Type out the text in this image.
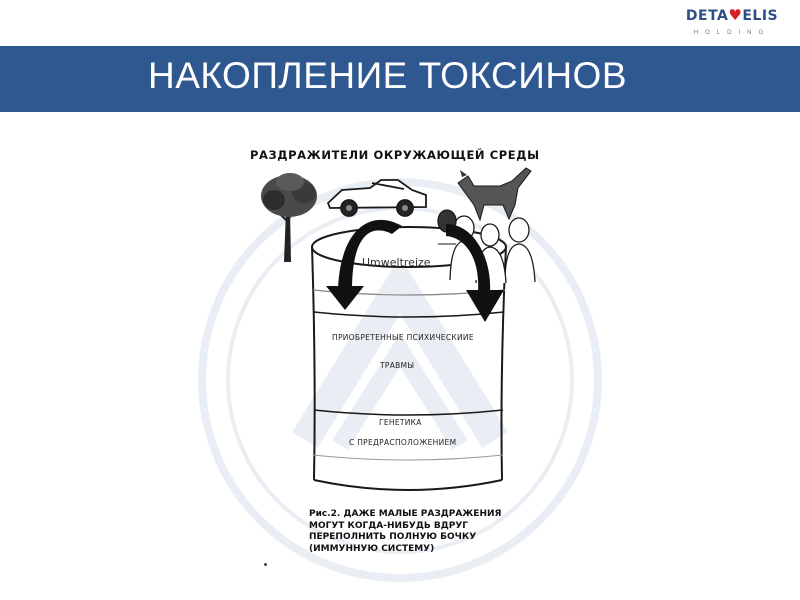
DETA♥ELIS
HOLDING
НАКОПЛЕНИЕ ТОКСИНОВ
РАЗДРАЖИТЕЛИ ОКРУЖАЮЩЕЙ СРЕДЫ
Umweltreize
ПРИОБРЕТЕННЫЕ ПСИХИЧЕСКИИЕ
ТРАВМЫ
ГЕНЕТИКА
С ПРЕДРАСПОЛОЖЕНИЕМ
Рис.2. ДАЖЕ МАЛЫЕ РАЗДРАЖЕНИЯ
МОГУТ КОГДА-НИБУДЬ ВДРУГ
ПЕРЕПОЛНИТЬ ПОЛНУЮ БОЧКУ
(ИММУННУЮ СИСТЕМУ)
